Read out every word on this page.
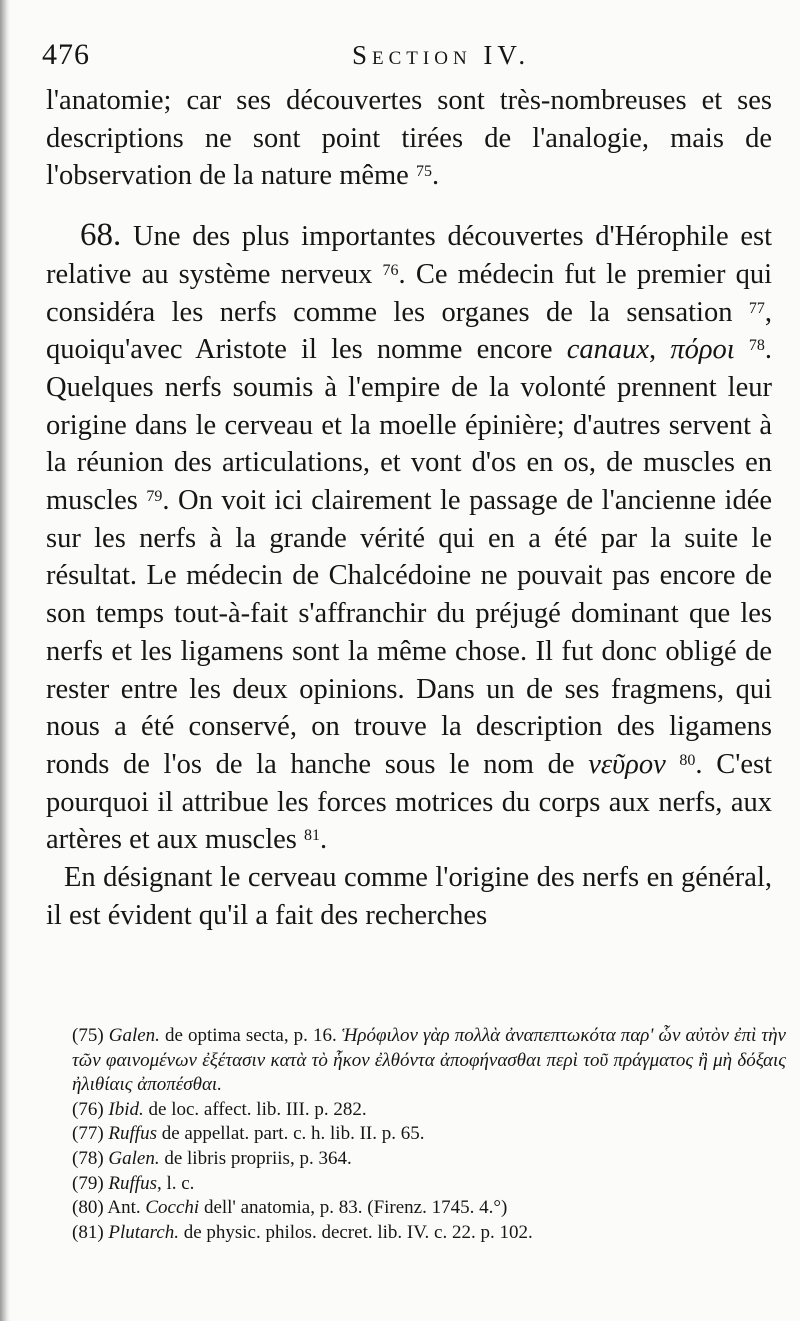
476	Section IV.

l'anatomie; car ses découvertes sont très-nombreuses et ses descriptions ne sont point tirées de l'analogie, mais de l'observation de la nature même $^{75}$.

68. Une des plus importantes découvertes d'Hérophile est relative au système nerveux $^{76}$. Ce médecin fut le premier qui considéra les nerfs comme les organes de la sensation $^{77}$, quoiqu'avec Aristote il les nomme encore canaux, πόροι $^{78}$. Quelques nerfs soumis à l'empire de la volonté prennent leur origine dans le cerveau et la moelle épinière; d'autres servent à la réunion des articulations, et vont d'os en os, de muscles en muscles $^{79}$. On voit ici clairement le passage de l'ancienne idée sur les nerfs à la grande vérité qui en a été par la suite le résultat. Le médecin de Chalcédoine ne pouvait pas encore de son temps tout-à-fait s'affranchir du préjugé dominant que les nerfs et les ligamens sont la même chose. Il fut donc obligé de rester entre les deux opinions. Dans un de ses fragmens, qui nous a été conservé, on trouve la description des ligamens ronds de l'os de la hanche sous le nom de νεῦρον $^{80}$. C'est pourquoi il attribue les forces motrices du corps aux nerfs, aux artères et aux muscles $^{81}$.

En désignant le cerveau comme l'origine des nerfs en général, il est évident qu'il a fait des recherches

(75) Galen. de optima secta, p. 16. Ἡρόφιλον γὰρ πολλὰ ἀναπεπτωκότα παρ' ὧν αὐτὸν ἐπὶ τὴν τῶν φαινομένων ἐξέτασιν κατὰ τὸ ἧκον ἐλθόντα ἀποφήνασθαι περὶ τοῦ πράγματος ἢ μὴ δόξαις ἠλιθίαις ἀποπέσθαι.
(76) Ibid. de loc. affect. lib. III. p. 282.
(77) Ruffus de appellat. part. c. h. lib. II. p. 65.
(78) Galen. de libris propriis, p. 364.
(79) Ruffus, l. c.
(80) Ant. Cocchi dell' anatomia, p. 83. (Firenz. 1745. 4.°)
(81) Plutarch. de physic. philos. decret. lib. IV. c. 22. p. 102.
